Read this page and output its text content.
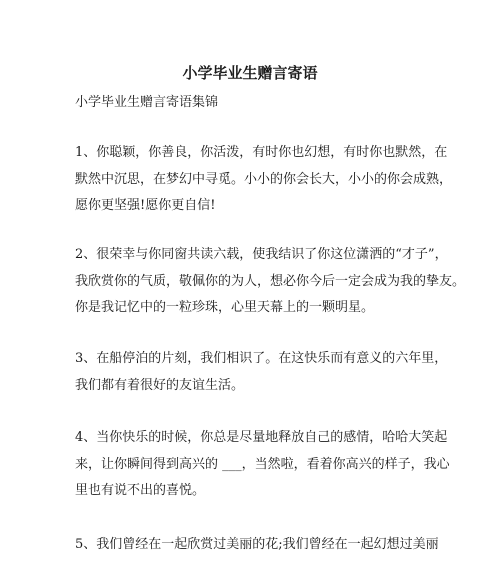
小学毕业生赠言寄语
小学毕业生赠言寄语集锦
1、你聪颖，你善良，你活泼，有时你也幻想，有时你也默然，在
默然中沉思，在梦幻中寻觅。小小的你会长大，小小的你会成熟，
愿你更坚强!愿你更自信!
2、很荣幸与你同窗共读六载，使我结识了你这位潇洒的“才子”，
我欣赏你的气质，敬佩你的为人，想必你今后一定会成为我的挚友。
你是我记忆中的一粒珍珠，心里天幕上的一颗明星。
3、在船停泊的片刻，我们相识了。在这快乐而有意义的六年里，
我们都有着很好的友谊生活。
4、当你快乐的时候，你总是尽量地释放自己的感情，哈哈大笑起
来，让你瞬间得到高兴的 ___，当然啦，看着你高兴的样子，我心
里也有说不出的喜悦。
5、我们曾经在一起欣赏过美丽的花;我们曾经在一起幻想过美丽
